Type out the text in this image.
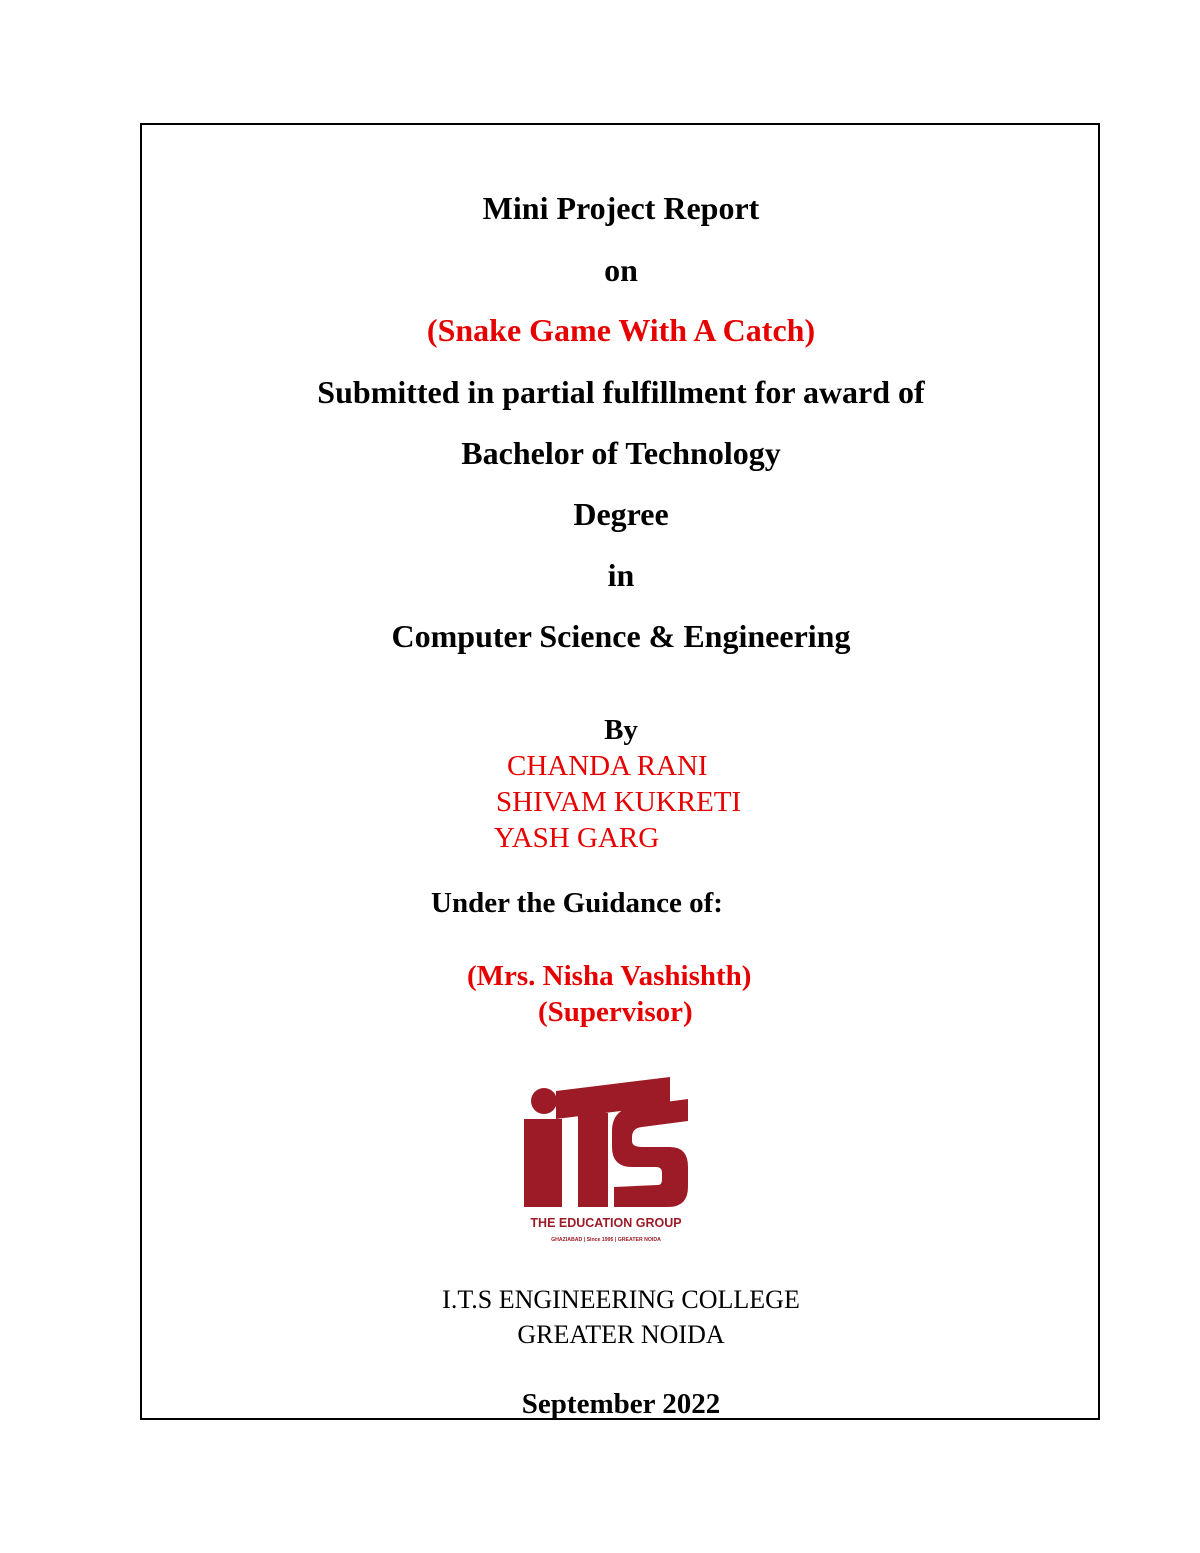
Mini Project Report
on
(Snake Game With A Catch)
Submitted in partial fulfillment for award of
Bachelor of Technology
Degree
in
Computer Science & Engineering
By
CHANDA RANI
SHIVAM KUKRETI
YASH GARG
Under the Guidance of:
(Mrs. Nisha Vashishth)
(Supervisor)
THE EDUCATION GROUP
GHAZIABAD | Since 1995 | GREATER NOIDA
I.T.S ENGINEERING COLLEGE
GREATER NOIDA
September 2022
